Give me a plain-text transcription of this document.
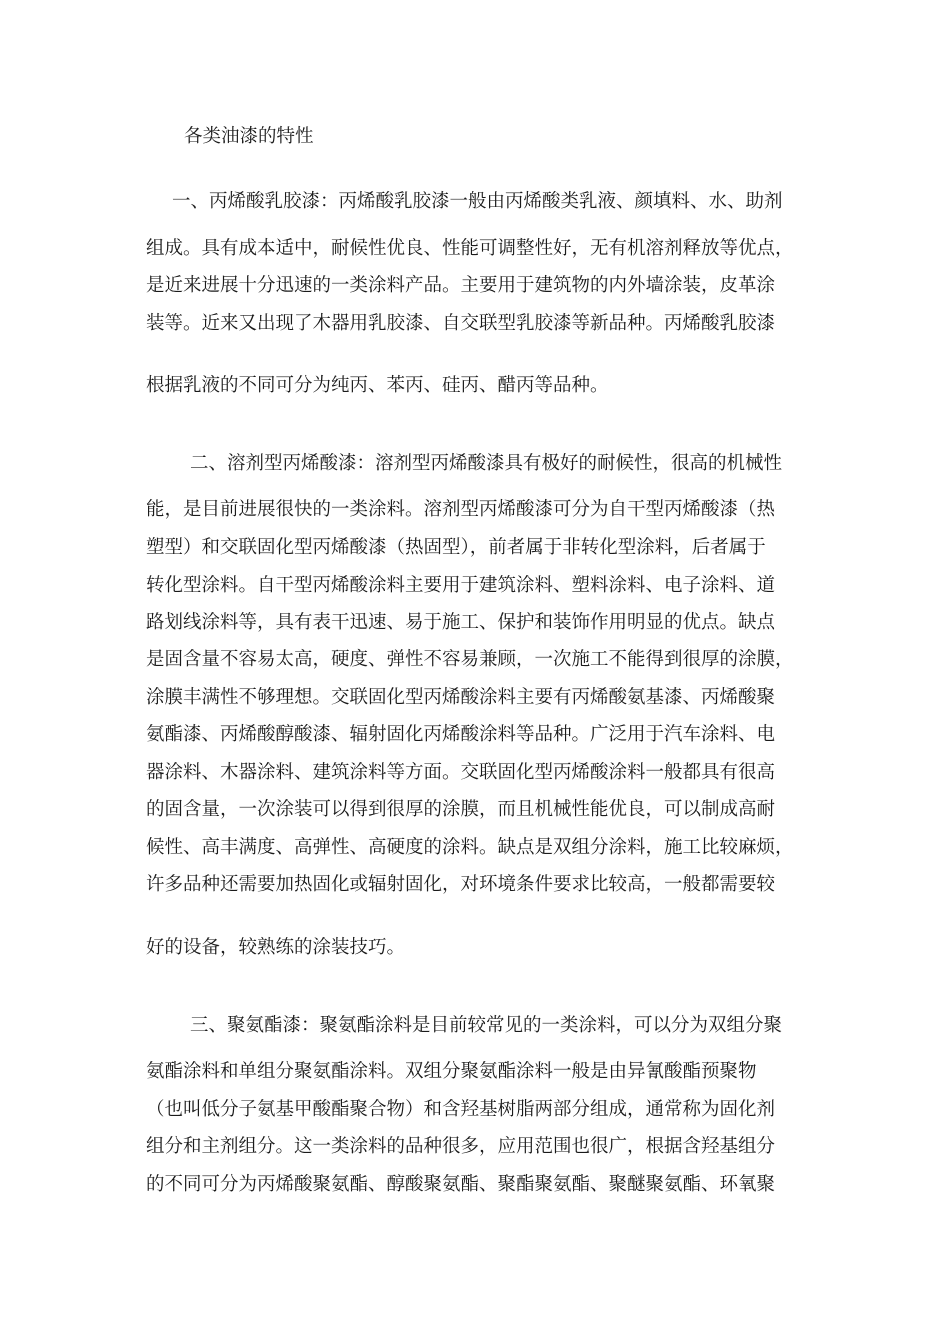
各类油漆的特性
一、丙烯酸乳胶漆：丙烯酸乳胶漆一般由丙烯酸类乳液、颜填料、水、助剂
组成。具有成本适中，耐候性优良、性能可调整性好，无有机溶剂释放等优点，
是近来进展十分迅速的一类涂料产品。主要用于建筑物的内外墙涂装，皮革涂
装等。近来又出现了木器用乳胶漆、自交联型乳胶漆等新品种。丙烯酸乳胶漆
根据乳液的不同可分为纯丙、苯丙、硅丙、醋丙等品种。
二、溶剂型丙烯酸漆：溶剂型丙烯酸漆具有极好的耐候性，很高的机械性
能，是目前进展很快的一类涂料。溶剂型丙烯酸漆可分为自干型丙烯酸漆（热
塑型）和交联固化型丙烯酸漆（热固型），前者属于非转化型涂料，后者属于
转化型涂料。自干型丙烯酸涂料主要用于建筑涂料、塑料涂料、电子涂料、道
路划线涂料等，具有表干迅速、易于施工、保护和装饰作用明显的优点。缺点
是固含量不容易太高，硬度、弹性不容易兼顾，一次施工不能得到很厚的涂膜，
涂膜丰满性不够理想。交联固化型丙烯酸涂料主要有丙烯酸氨基漆、丙烯酸聚
氨酯漆、丙烯酸醇酸漆、辐射固化丙烯酸涂料等品种。广泛用于汽车涂料、电
器涂料、木器涂料、建筑涂料等方面。交联固化型丙烯酸涂料一般都具有很高
的固含量，一次涂装可以得到很厚的涂膜，而且机械性能优良，可以制成高耐
候性、高丰满度、高弹性、高硬度的涂料。缺点是双组分涂料，施工比较麻烦，
许多品种还需要加热固化或辐射固化，对环境条件要求比较高，一般都需要较
好的设备，较熟练的涂装技巧。
三、聚氨酯漆：聚氨酯涂料是目前较常见的一类涂料，可以分为双组分聚
氨酯涂料和单组分聚氨酯涂料。双组分聚氨酯涂料一般是由异氰酸酯预聚物
（也叫低分子氨基甲酸酯聚合物）和含羟基树脂两部分组成，通常称为固化剂
组分和主剂组分。这一类涂料的品种很多，应用范围也很广，根据含羟基组分
的不同可分为丙烯酸聚氨酯、醇酸聚氨酯、聚酯聚氨酯、聚醚聚氨酯、环氧聚
